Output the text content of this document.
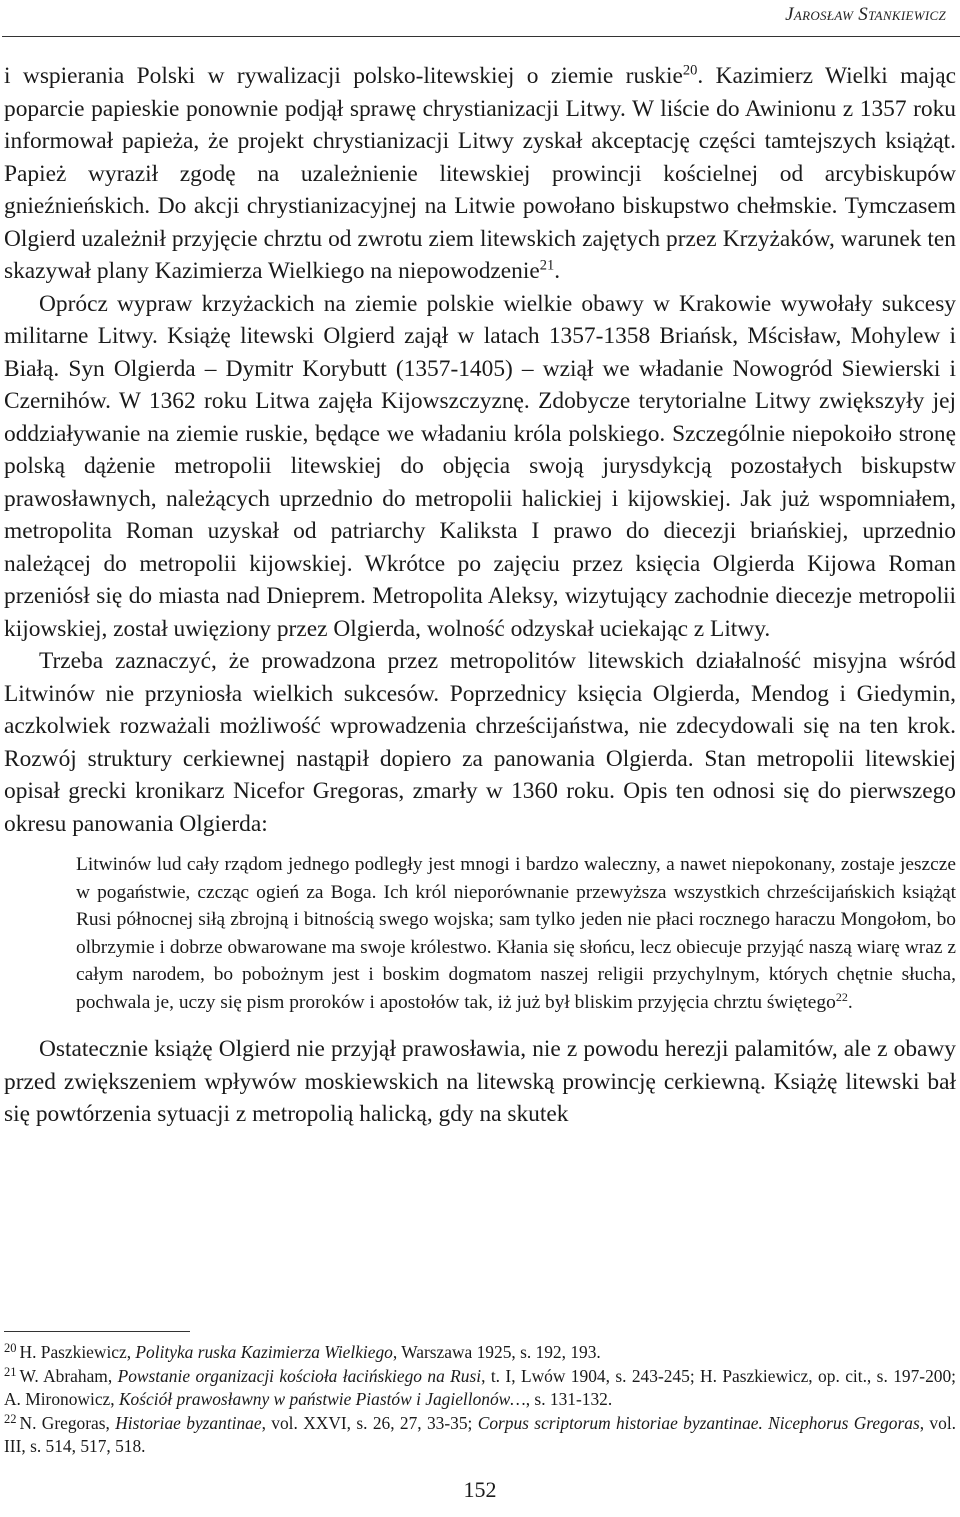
Jarosław Stankiewicz

i wspierania Polski w rywalizacji polsko-litewskiej o ziemie ruskie$^{20}$. Kazimierz Wielki mając poparcie papieskie ponownie podjął sprawę chrystianizacji Litwy. W liście do Awinionu z 1357 roku informował papieża, że projekt chrystianizacji Litwy zyskał akceptację części tamtejszych książąt. Papież wyraził zgodę na uzależnienie litewskiej prowincji kościelnej od arcybiskupów gnieźnieńskich. Do akcji chrystianizacyjnej na Litwie powołano biskupstwo chełmskie. Tymczasem Olgierd uzależnił przyjęcie chrztu od zwrotu ziem litewskich zajętych przez Krzyżaków, warunek ten skazywał plany Kazimierza Wielkiego na niepowodzenie$^{21}$.

Oprócz wypraw krzyżackich na ziemie polskie wielkie obawy w Krakowie wywołały sukcesy militarne Litwy. Książę litewski Olgierd zajął w latach 1357-1358 Briańsk, Mścisław, Mohylew i Białą. Syn Olgierda – Dymitr Korybutt (1357-1405) – wziął we władanie Nowogród Siewierski i Czernihów. W 1362 roku Litwa zajęła Kijowszczyznę. Zdobycze terytorialne Litwy zwiększyły jej oddziaływanie na ziemie ruskie, będące we władaniu króla polskiego. Szczególnie niepokoiło stronę polską dążenie metropolii litewskiej do objęcia swoją jurysdykcją pozostałych biskupstw prawosławnych, należących uprzednio do metropolii halickiej i kijowskiej. Jak już wspomniałem, metropolita Roman uzyskał od patriarchy Kaliksta I prawo do diecezji briańskiej, uprzednio należącej do metropolii kijowskiej. Wkrótce po zajęciu przez księcia Olgierda Kijowa Roman przeniósł się do miasta nad Dnieprem. Metropolita Aleksy, wizytujący zachodnie diecezje metropolii kijowskiej, został uwięziony przez Olgierda, wolność odzyskał uciekając z Litwy.

Trzeba zaznaczyć, że prowadzona przez metropolitów litewskich działalność misyjna wśród Litwinów nie przyniosła wielkich sukcesów. Poprzednicy księcia Olgierda, Mendog i Giedymin, aczkolwiek rozważali możliwość wprowadzenia chrześcijaństwa, nie zdecydowali się na ten krok. Rozwój struktury cerkiewnej nastąpił dopiero za panowania Olgierda. Stan metropolii litewskiej opisał grecki kronikarz Nicefor Gregoras, zmarły w 1360 roku. Opis ten odnosi się do pierwszego okresu panowania Olgierda:

Litwinów lud cały rządom jednego podległy jest mnogi i bardzo waleczny, a nawet niepokonany, zostaje jeszcze w pogaństwie, czcząc ogień za Boga. Ich król nieporównanie przewyższa wszystkich chrześcijańskich książąt Rusi północnej siłą zbrojną i bitnością swego wojska; sam tylko jeden nie płaci rocznego haraczu Mongołom, bo olbrzymie i dobrze obwarowane ma swoje królestwo. Kłania się słońcu, lecz obiecuje przyjąć naszą wiarę wraz z całym narodem, bo pobożnym jest i boskim dogmatom naszej religii przychylnym, których chętnie słucha, pochwala je, uczy się pism proroków i apostołów tak, iż już był bliskim przyjęcia chrztu świętego$^{22}$.

Ostatecznie książę Olgierd nie przyjął prawosławia, nie z powodu herezji palamitów, ale z obawy przed zwiększeniem wpływów moskiewskich na litewską prowincję cerkiewną. Książę litewski bał się powtórzenia sytuacji z metropolią halicką, gdy na skutek

$^{20}$ H. Paszkiewicz, Polityka ruska Kazimierza Wielkiego, Warszawa 1925, s. 192, 193.

$^{21}$ W. Abraham, Powstanie organizacji kościoła łacińskiego na Rusi, t. I, Lwów 1904, s. 243-245; H. Paszkiewicz, op. cit., s. 197-200; A. Mironowicz, Kościół prawosławny w państwie Piastów i Jagiellonów…, s. 131-132.

$^{22}$ N. Gregoras, Historiae byzantinae, vol. XXVI, s. 26, 27, 33-35; Corpus scriptorum historiae byzantinae. Nicephorus Gregoras, vol. III, s. 514, 517, 518.

152
